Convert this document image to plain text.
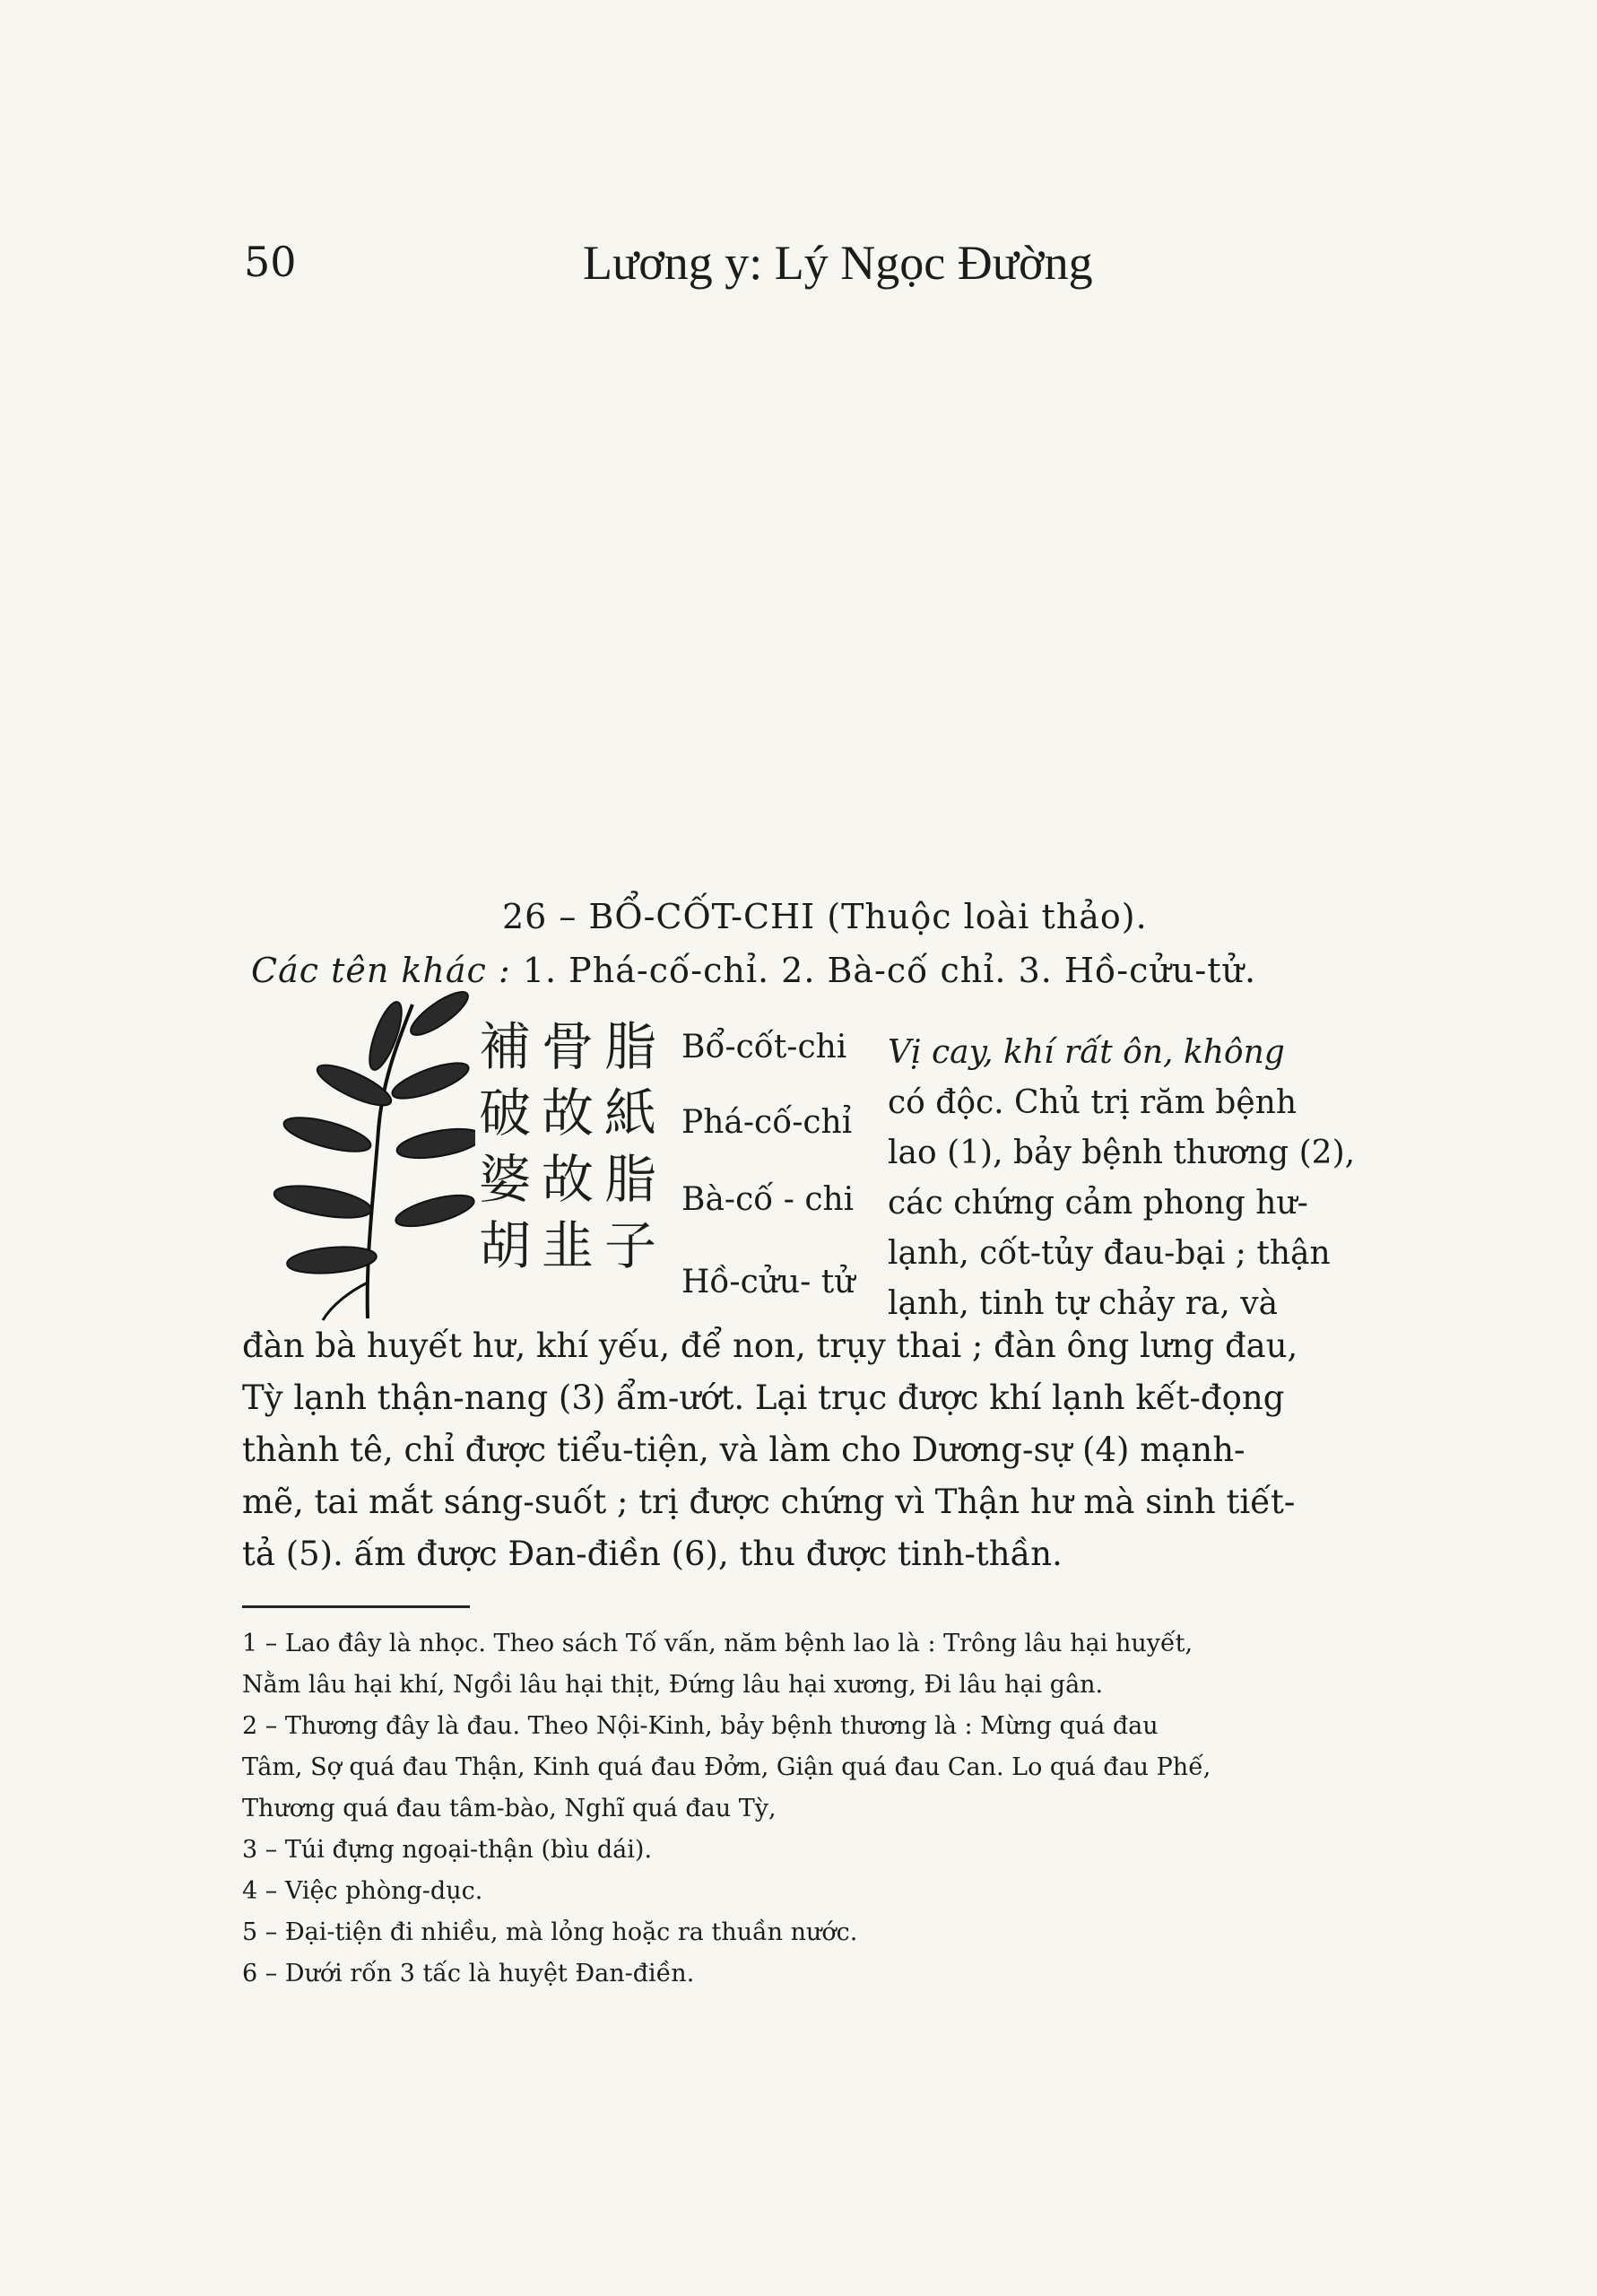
50	Lương y: Lý Ngọc Đường
26 – BỔ-CỐT-CHI (Thuộc loài thảo).
Các tên khác : 1. Phá-cố-chỉ. 2. Bà-cố chỉ. 3. Hồ-cửu-tử.
補 骨 脂
破 故 紙
婆 故 脂
胡 韭 子
Bổ-cốt-chi
Phá-cố-chỉ
Bà-cố - chi
Hồ-cửu- tử
Vị cay, khí rất ôn, không
có độc. Chủ trị răm bệnh
lao (1), bảy bệnh thương (2),
các chứng cảm phong hư-
lạnh, cốt-tủy đau-bại ; thận
lạnh, tinh tự chảy ra, và
đàn bà huyết hư, khí yếu, để non, trụy thai ; đàn ông lưng đau,
Tỳ lạnh thận-nang (3) ẩm-ướt. Lại trục được khí lạnh kết-đọng
thành tê, chỉ được tiểu-tiện, và làm cho Dương-sự (4) mạnh-
mẽ, tai mắt sáng-suốt ; trị được chứng vì Thận hư mà sinh tiết-
tả (5). ấm được Đan-điền (6), thu được tinh-thần.
1 – Lao đây là nhọc. Theo sách Tố vấn, năm bệnh lao là : Trông lâu hại huyết,
Nằm lâu hại khí, Ngồi lâu hại thịt, Đứng lâu hại xương, Đi lâu hại gân.
2 – Thương đây là đau. Theo Nội-Kinh, bảy bệnh thương là : Mừng quá đau
Tâm, Sợ quá đau Thận, Kinh quá đau Đởm, Giận quá đau Can. Lo quá đau Phế,
Thương quá đau tâm-bào, Nghĩ quá đau Tỳ,
3 – Túi đựng ngoại-thận (bìu dái).
4 – Việc phòng-dục.
5 – Đại-tiện đi nhiều, mà lỏng hoặc ra thuần nước.
6 – Dưới rốn 3 tấc là huyệt Đan-điền.
